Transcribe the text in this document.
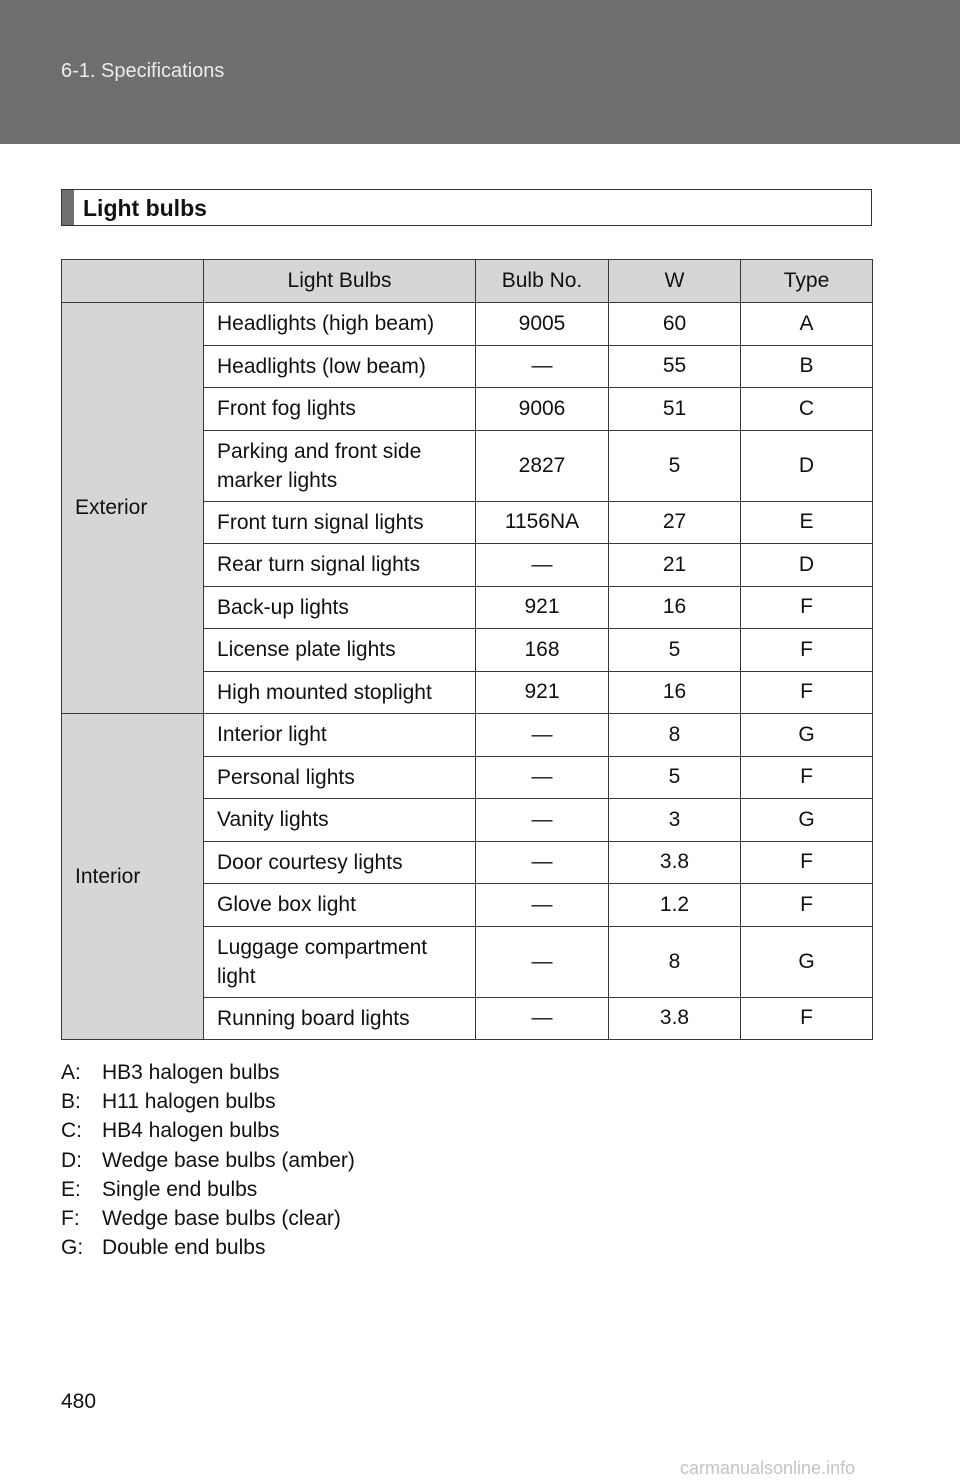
6-1. Specifications
Light bulbs
	Light Bulbs	Bulb No.	W	Type
Exterior	Headlights (high beam)	9005	60	A
	Headlights (low beam)	—	55	B
	Front fog lights	9006	51	C

	Parking and front side
marker lights	2827	5	D
	Front turn signal lights	1156NA	27	E
	Rear turn signal lights	—	21	D
	Back-up lights	921	16	F
	License plate lights	168	5	F
	High mounted stoplight	921	16	F
Interior	Interior light	—	8	G
	Personal lights	—	5	F
	Vanity lights	—	3	G
	Door courtesy lights	—	3.8	F
	Glove box light	—	1.2	F

	Luggage compartment
light	—	8	G
	Running board lights	—	3.8	F
A:	HB3 halogen bulbs
B:	H11 halogen bulbs
C: HB4 halogen bulbs
D: Wedge base bulbs (amber)
E:	Single end bulbs
F:	Wedge base bulbs (clear)
G: Double end bulbs
480
carmanualsonline.info
